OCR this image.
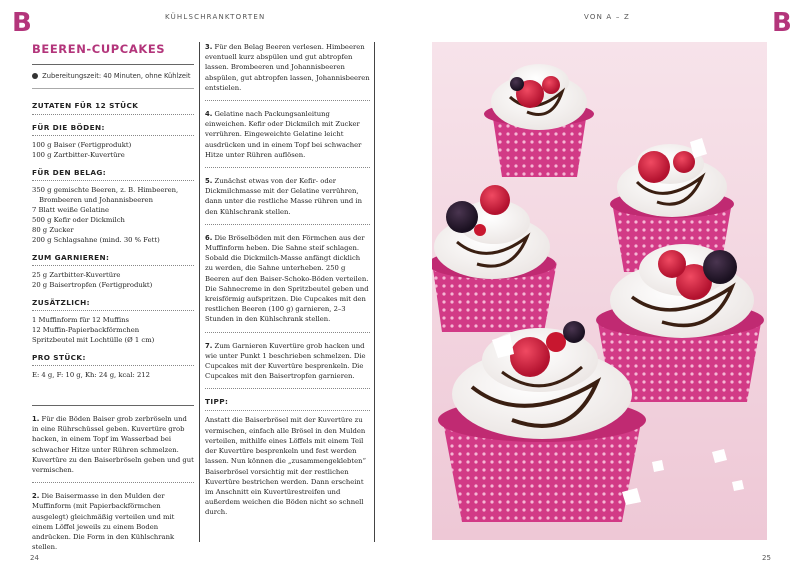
B	B
KÜHLSCHRANKTORTEN	VON A – Z
BEEREN-CUPCAKES
Zubereitungszeit: 40 Minuten, ohne Kühlzeit
ZUTATEN FÜR 12 STÜCK
FÜR DIE BÖDEN:
100 g Baiser (Fertigprodukt)
100 g Zartbitter-Kuvertüre
FÜR DEN BELAG:
350 g gemischte Beeren, z. B. Himbeeren, Brombeeren und Johannisbeeren
7 Blatt weiße Gelatine
500 g Kefir oder Dickmilch
80 g Zucker
200 g Schlagsahne (mind. 30 % Fett)
ZUM GARNIEREN:
25 g Zartbitter-Kuvertüre
20 g Baisertropfen (Fertigprodukt)
ZUSÄTZLICH:
1 Muffinform für 12 Muffins
12 Muffin-Papierbackförmchen
Spritzbeutel mit Lochtülle (Ø 1 cm)
PRO STÜCK:
E: 4 g, F: 10 g, Kh: 24 g, kcal: 212
1. Für die Böden Baiser grob zerbröseln und in eine Rührschüssel geben. Kuvertüre grob hacken, in einem Topf im Wasserbad bei schwacher Hitze unter Rühren schmelzen. Kuvertüre zu den Baiserbröseln geben und gut vermischen.
2. Die Baisermasse in den Mulden der Muffinform (mit Papierbackförmchen ausgelegt) gleichmäßig verteilen und mit einem Löffel jeweils zu einem Boden andrücken. Die Form in den Kühlschrank stellen.
3. Für den Belag Beeren verlesen. Himbeeren eventuell kurz abspülen und gut abtropfen lassen. Brombeeren und Johannisbeeren abspülen, gut abtropfen lassen, Johannisbeeren entstielen.
4. Gelatine nach Packungsanleitung einweichen. Kefir oder Dickmilch mit Zucker verrühren. Eingeweichte Gelatine leicht ausdrücken und in einem Topf bei schwacher Hitze unter Rühren auflösen.
5. Zunächst etwas von der Kefir- oder Dickmilchmasse mit der Gelatine verrühren, dann unter die restliche Masse rühren und in den Kühlschrank stellen.
6. Die Bröselböden mit den Förmchen aus der Muffinform heben. Die Sahne steif schlagen. Sobald die Dickmilch-Masse anfängt dicklich zu werden, die Sahne unterheben. 250 g Beeren auf den Baiser-Schoko-Böden verteilen. Die Sahnecreme in den Spritzbeutel geben und kreisförmig aufspritzen. Die Cupcakes mit den restlichen Beeren (100 g) garnieren, 2–3 Stunden in den Kühlschrank stellen.
7. Zum Garnieren Kuvertüre grob hacken und wie unter Punkt 1 beschrieben schmelzen. Die Cupcakes mit der Kuvertüre besprenkeln. Die Cupcakes mit den Baisertropfen garnieren.
TIPP:
Anstatt die Baiserbrösel mit der Kuvertüre zu vermischen, einfach alle Brösel in den Mulden verteilen, mithilfe eines Löffels mit einem Teil der Kuvertüre besprenkeln und fest werden lassen. Nun können die „zusammengeklebten“ Baiserbrösel vorsichtig mit der restlichen Kuvertüre bestrichen werden. Dann erscheint im Anschnitt ein Kuvertürestreifen und außerdem weichen die Böden nicht so schnell durch.
24	25
